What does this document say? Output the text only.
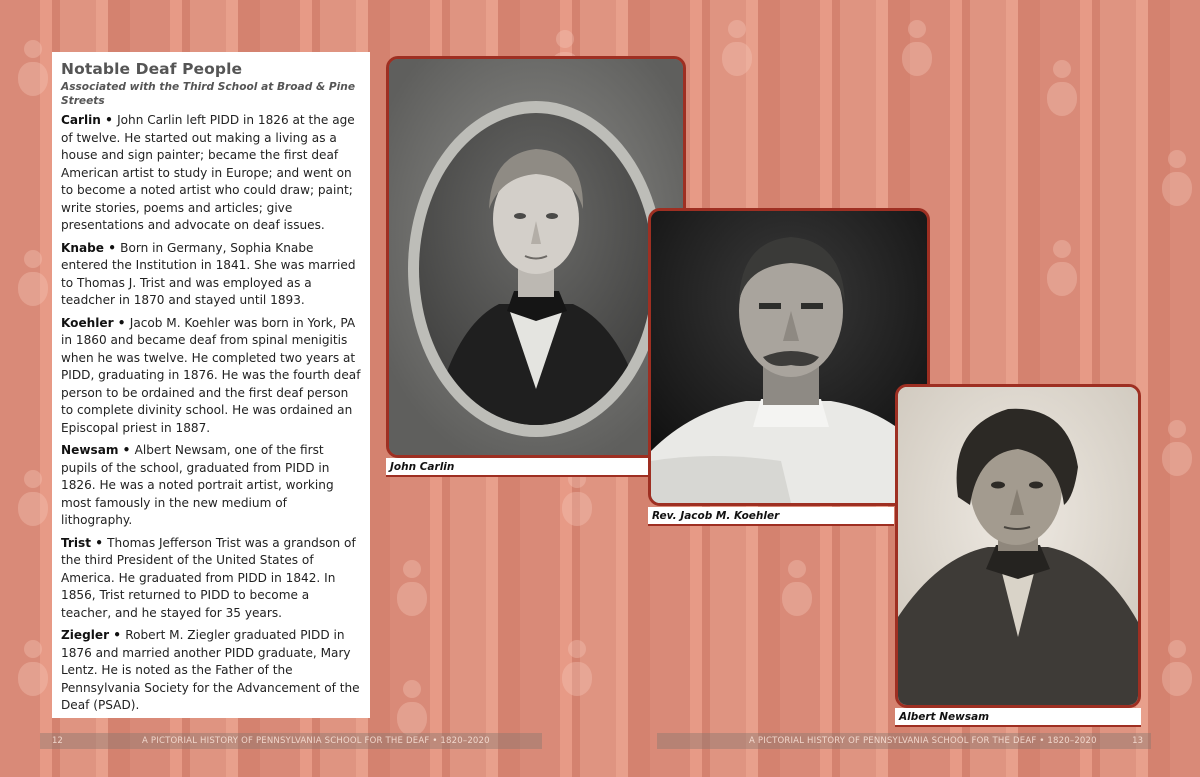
Notable Deaf People
Associated with the Third School at Broad & Pine Streets

Carlin • John Carlin left PIDD in 1826 at the age of twelve. He started out making a living as a house and sign painter; became the first deaf American artist to study in Europe; and went on to become a noted artist who could draw; paint; write stories, poems and articles; give presentations and advocate on deaf issues.

Knabe • Born in Germany, Sophia Knabe entered the Institution in 1841. She was married to Thomas J. Trist and was employed as a teadcher in 1870 and stayed until 1893.

Koehler • Jacob M. Koehler was born in York, PA in 1860 and became deaf from spinal menigitis when he was twelve. He completed two years at PIDD, graduating in 1876. He was the fourth deaf person to be ordained and the first deaf person to complete divinity school. He was ordained an Episcopal priest in 1887.

Newsam • Albert Newsam, one of the first pupils of the school, graduated from PIDD in 1826. He was a noted portrait artist, working most famously in the new medium of lithography.

Trist • Thomas Jefferson Trist was a grandson of the third President of the United States of America. He graduated from PIDD in 1842. In 1856, Trist returned to PIDD to become a teacher, and he stayed for 35 years.

Ziegler • Robert M. Ziegler graduated PIDD in 1876 and married another PIDD graduate, Mary Lentz. He is noted as the Father of the Pennsylvania Society for the Advancement of the Deaf (PSAD).

John Carlin
Rev. Jacob M. Koehler
Albert Newsam
12	A PICTORIAL HISTORY OF PENNSYLVANIA SCHOOL FOR THE DEAF • 1820–2020	A PICTORIAL HISTORY OF PENNSYLVANIA SCHOOL FOR THE DEAF • 1820–2020	13
